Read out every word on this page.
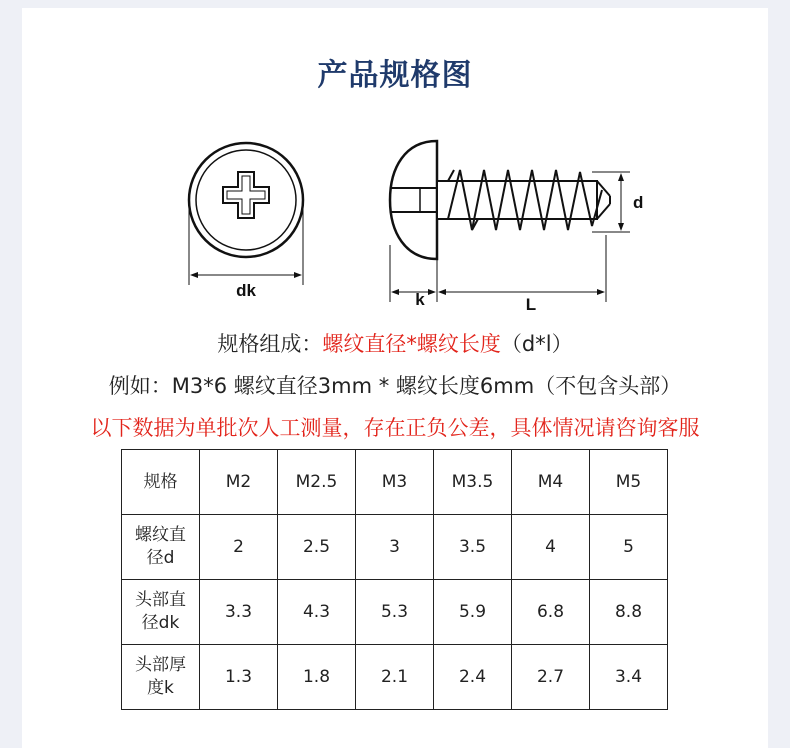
产品规格图
dk	k	L
d
规格组成：螺纹直径*螺纹长度（d*l）
例如：M3*6 螺纹直径3mm * 螺纹长度6mm（不包含头部）
以下数据为单批次人工测量，存在正负公差，具体情况请咨询客服
规格	M2	M2.5	M3	M3.5	M4	M5
螺纹直径d	2	2.5	3	3.5	4	5
头部直径dk	3.3	4.3	5.3	5.9	6.8	8.8
头部厚度k	1.3	1.8	2.1	2.4	2.7	3.4
